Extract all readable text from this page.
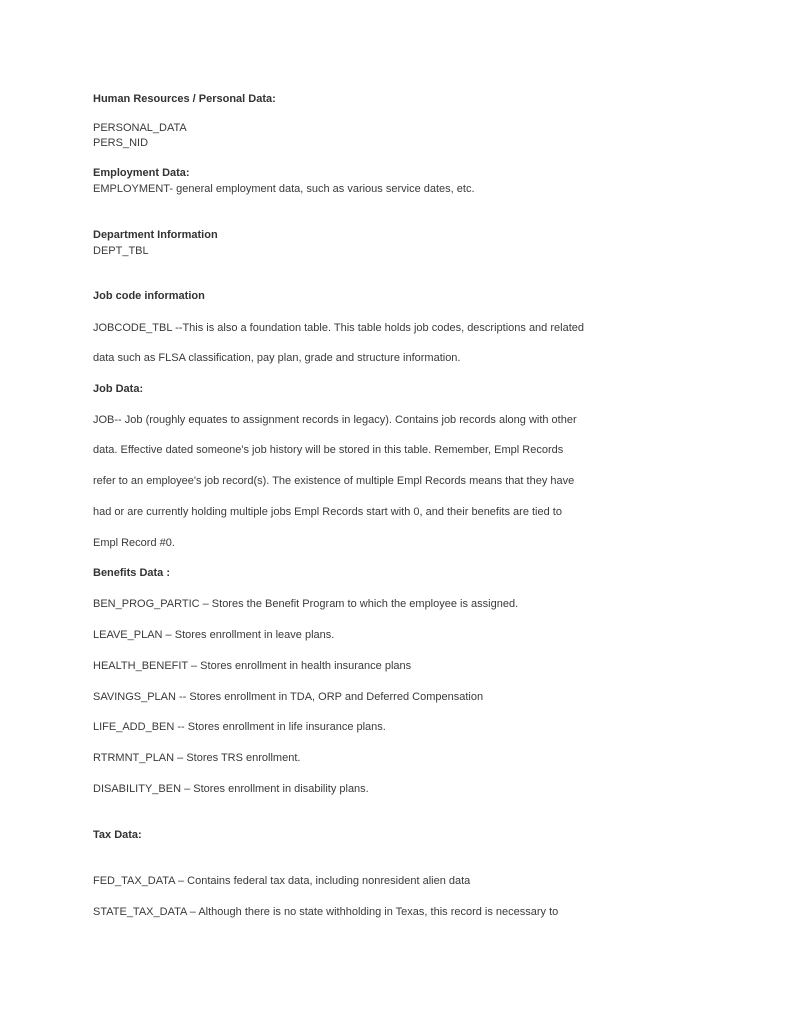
Human Resources / Personal Data:
PERSONAL_DATA
PERS_NID
Employment Data:
EMPLOYMENT- general employment data, such as various service dates, etc.
Department Information
DEPT_TBL
Job code information
JOBCODE_TBL --This is also a foundation table. This table holds job codes, descriptions and related
data such as FLSA classification, pay plan, grade and structure information.
Job Data:
JOB-- Job (roughly equates to assignment records in legacy). Contains job records along with other
data. Effective dated someone's job history will be stored in this table. Remember, Empl Records
refer to an employee's job record(s). The existence of multiple Empl Records means that they have
had or are currently holding multiple jobs Empl Records start with 0, and their benefits are tied to
Empl Record #0.
Benefits Data :
BEN_PROG_PARTIC – Stores the Benefit Program to which the employee is assigned.
LEAVE_PLAN – Stores enrollment in leave plans.
HEALTH_BENEFIT – Stores enrollment in health insurance plans
SAVINGS_PLAN -- Stores enrollment in TDA, ORP and Deferred Compensation
LIFE_ADD_BEN -- Stores enrollment in life insurance plans.
RTRMNT_PLAN – Stores TRS enrollment.
DISABILITY_BEN – Stores enrollment in disability plans.
Tax Data:
FED_TAX_DATA – Contains federal tax data, including nonresident alien data
STATE_TAX_DATA – Although there is no state withholding in Texas, this record is necessary to
